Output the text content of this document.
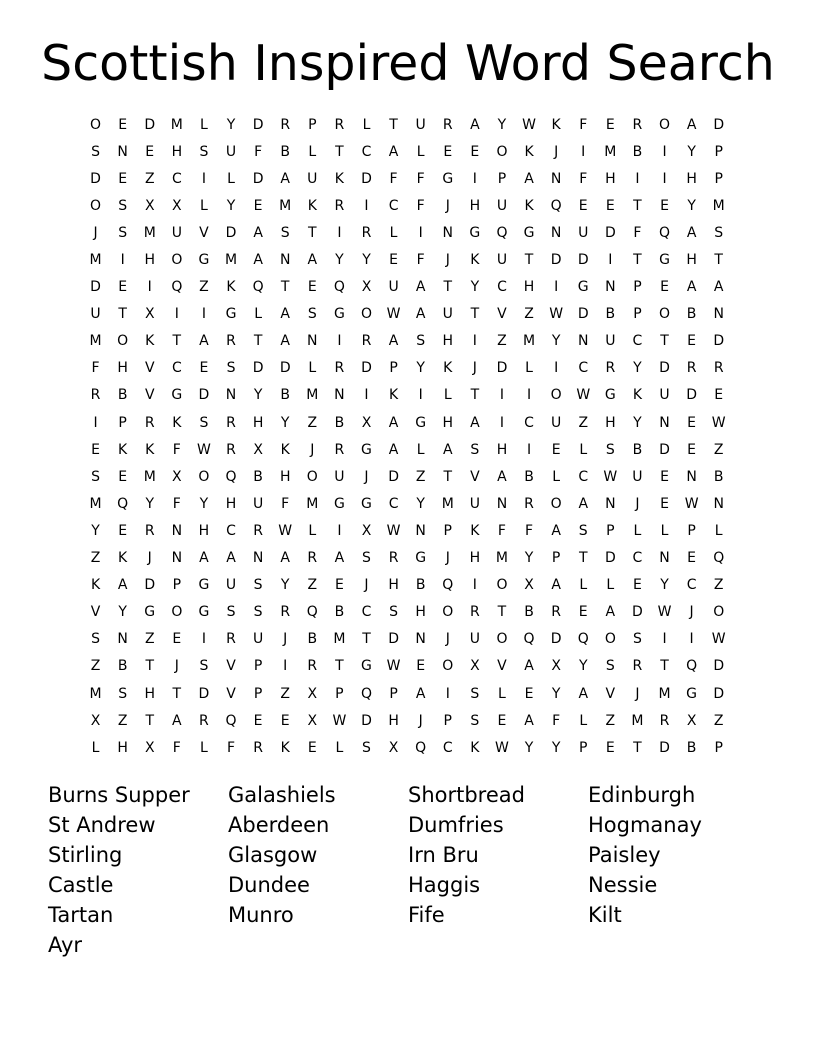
Scottish Inspired Word Search
O	E	D	M	L	Y	D	R	P	R	L	T	U	R	A	Y	W	K	F	E	R	O	A	D
S	N	E	H	S	U	F	B	L	T	C	A	L	E	E	O	K	J	I	M	B	I	Y	P
D	E	Z	C	I	L	D	A	U	K	D	F	F	G	I	P	A	N	F	H	I	I	H	P
O	S	X	X	L	Y	E	M	K	R	I	C	F	J	H	U	K	Q	E	E	T	E	Y	M
J	S	M	U	V	D	A	S	T	I	R	L	I	N	G	Q	G	N	U	D	F	Q	A	S
M	I	H	O	G	M	A	N	A	Y	Y	E	F	J	K	U	T	D	D	I	T	G	H	T
D	E	I	Q	Z	K	Q	T	E	Q	X	U	A	T	Y	C	H	I	G	N	P	E	A	A
U	T	X	I	I	G	L	A	S	G	O	W	A	U	T	V	Z	W	D	B	P	O	B	N
M	O	K	T	A	R	T	A	N	I	R	A	S	H	I	Z	M	Y	N	U	C	T	E	D
F	H	V	C	E	S	D	D	L	R	D	P	Y	K	J	D	L	I	C	R	Y	D	R	R
R	B	V	G	D	N	Y	B	M	N	I	K	I	L	T	I	I	O	W	G	K	U	D	E
I	P	R	K	S	R	H	Y	Z	B	X	A	G	H	A	I	C	U	Z	H	Y	N	E	W
E	K	K	F	W	R	X	K	J	R	G	A	L	A	S	H	I	E	L	S	B	D	E	Z
S	E	M	X	O	Q	B	H	O	U	J	D	Z	T	V	A	B	L	C	W	U	E	N	B
M	Q	Y	F	Y	H	U	F	M	G	G	C	Y	M	U	N	R	O	A	N	J	E	W	N
Y	E	R	N	H	C	R	W	L	I	X	W	N	P	K	F	F	A	S	P	L	L	P	L
Z	K	J	N	A	A	N	A	R	A	S	R	G	J	H	M	Y	P	T	D	C	N	E	Q
K	A	D	P	G	U	S	Y	Z	E	J	H	B	Q	I	O	X	A	L	L	E	Y	C	Z
V	Y	G	O	G	S	S	R	Q	B	C	S	H	O	R	T	B	R	E	A	D	W	J	O
S	N	Z	E	I	R	U	J	B	M	T	D	N	J	U	O	Q	D	Q	O	S	I	I	W
Z	B	T	J	S	V	P	I	R	T	G	W	E	O	X	V	A	X	Y	S	R	T	Q	D
M	S	H	T	D	V	P	Z	X	P	Q	P	A	I	S	L	E	Y	A	V	J	M	G	D
X	Z	T	A	R	Q	E	E	X	W	D	H	J	P	S	E	A	F	L	Z	M	R	X	Z
L	H	X	F	L	F	R	K	E	L	S	X	Q	C	K	W	Y	Y	P	E	T	D	B	P
Burns Supper	Galashiels	Shortbread	Edinburgh
St Andrew	Aberdeen	Dumfries	Hogmanay
Stirling	Glasgow	Irn Bru	Paisley
Castle	Dundee	Haggis	Nessie
Tartan	Munro	Fife	Kilt
Ayr
